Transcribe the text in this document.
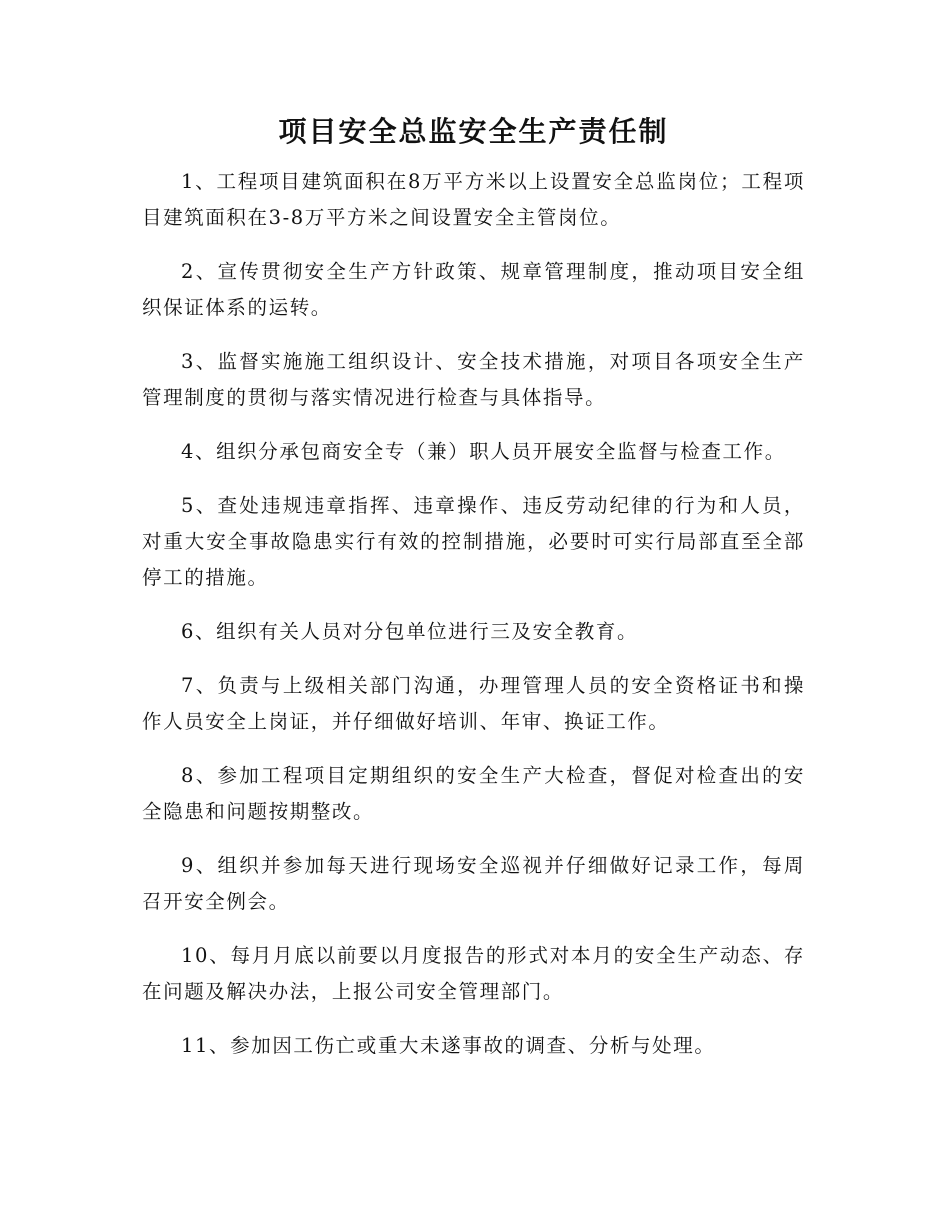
项目安全总监安全生产责任制

1、工程项目建筑面积在8万平方米以上设置安全总监岗位；工程项目建筑面积在3-8万平方米之间设置安全主管岗位。

2、宣传贯彻安全生产方针政策、规章管理制度，推动项目安全组织保证体系的运转。

3、监督实施施工组织设计、安全技术措施，对项目各项安全生产管理制度的贯彻与落实情况进行检查与具体指导。

4、组织分承包商安全专（兼）职人员开展安全监督与检查工作。

5、查处违规违章指挥、违章操作、违反劳动纪律的行为和人员，对重大安全事故隐患实行有效的控制措施，必要时可实行局部直至全部停工的措施。

6、组织有关人员对分包单位进行三及安全教育。

7、负责与上级相关部门沟通，办理管理人员的安全资格证书和操作人员安全上岗证，并仔细做好培训、年审、换证工作。

8、参加工程项目定期组织的安全生产大检查，督促对检查出的安全隐患和问题按期整改。

9、组织并参加每天进行现场安全巡视并仔细做好记录工作，每周召开安全例会。

10、每月月底以前要以月度报告的形式对本月的安全生产动态、存在问题及解决办法，上报公司安全管理部门。

11、参加因工伤亡或重大未遂事故的调查、分析与处理。
